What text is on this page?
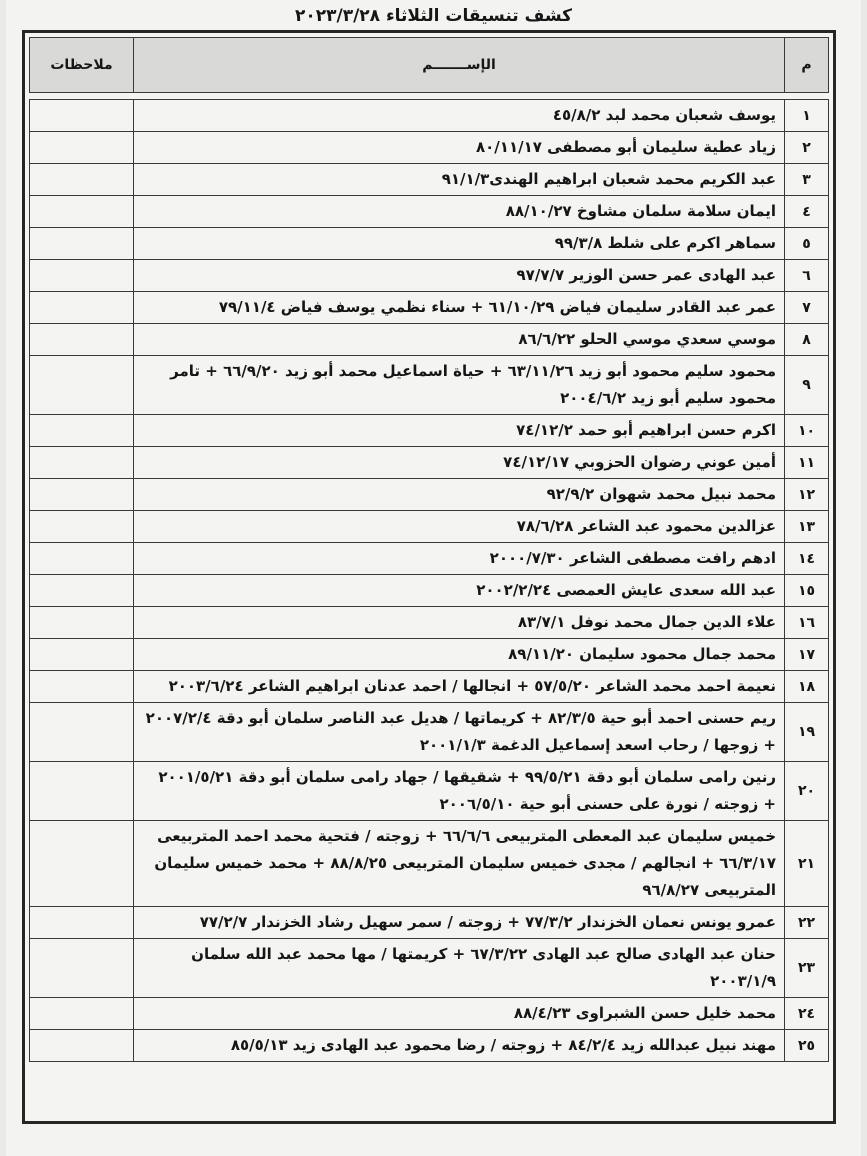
كشف تنسيقات الثلاثاء ٢٠٢٣/٣/٢٨
م	الإســـــــم	ملاحظات

١	يوسف شعبان محمد لبد ٤٥/٨/٢	
٢	زياد عطية سليمان أبو مصطفى ٨٠/١١/١٧	
٣	عبد الكريم محمد شعبان ابراهيم الهندى٩١/١/٣	
٤	ايمان سلامة سلمان مشاوخ ٨٨/١٠/٢٧	
٥	سماهر اكرم على شلط ٩٩/٣/٨	
٦	عبد الهادى عمر حسن الوزير ٩٧/٧/٧	
٧	عمر عبد القادر سليمان فياض ٦١/١٠/٢٩ + سناء نظمي يوسف فياض ٧٩/١١/٤	
٨	موسي سعدي موسي الحلو ٨٦/٦/٢٢	
٩	محمود سليم محمود أبو زيد ٦٣/١١/٢٦ + حياة اسماعيل محمد أبو زيد ٦٦/٩/٢٠ + تامر محمود سليم أبو زيد ٢٠٠٤/٦/٢	
١٠	اكرم حسن ابراهيم أبو حمد ٧٤/١٢/٢	
١١	أمين عوني رضوان الحزوبي ٧٤/١٢/١٧	
١٢	محمد نبيل محمد شهوان ٩٢/٩/٢	
١٣	عزالدين محمود عبد الشاعر ٧٨/٦/٢٨	
١٤	ادهم رافت مصطفى الشاعر ٢٠٠٠/٧/٣٠	
١٥	عبد الله سعدى عايش العمصى ٢٠٠٢/٢/٢٤	
١٦	علاء الدين جمال محمد نوفل ٨٣/٧/١	
١٧	محمد جمال محمود سليمان ٨٩/١١/٢٠	
١٨	نعيمة احمد محمد الشاعر ٥٧/٥/٢٠ + انجالها / احمد عدنان ابراهيم الشاعر ٢٠٠٣/٦/٢٤	
١٩	ريم حسنى احمد أبو حية ٨٢/٣/٥ + كريماتها / هديل عبد الناصر سلمان أبو دقة ٢٠٠٧/٢/٤ + زوجها / رحاب اسعد إسماعيل الدغمة ٢٠٠١/١/٣	
٢٠	رنين رامى سلمان أبو دقة ٩٩/٥/٢١ + شقيقها / جهاد رامى سلمان أبو دقة ٢٠٠١/٥/٢١ + زوجته / نورة على حسنى أبو حية ٢٠٠٦/٥/١٠	
٢١	خميس سليمان عبد المعطى المتربيعى ٦٦/٦/٦ + زوجته / فتحية محمد احمد المتربيعى ٦٦/٣/١٧ + انجالهم / مجدى خميس سليمان المتربيعى ٨٨/٨/٢٥ + محمد خميس سليمان المتربيعى ٩٦/٨/٢٧	
٢٢	عمرو يونس نعمان الخزندار ٧٧/٣/٢ + زوجته / سمر سهيل رشاد الخزندار ٧٧/٢/٧	
٢٣	حنان عبد الهادى صالح عبد الهادى ٦٧/٣/٢٢ + كريمتها / مها محمد عبد الله سلمان ٢٠٠٣/١/٩	
٢٤	محمد خليل حسن الشبراوى ٨٨/٤/٢٣	
٢٥	مهند نبيل عبدالله زيد ٨٤/٢/٤ + زوجته / رضا محمود عبد الهادى زيد ٨٥/٥/١٣	
